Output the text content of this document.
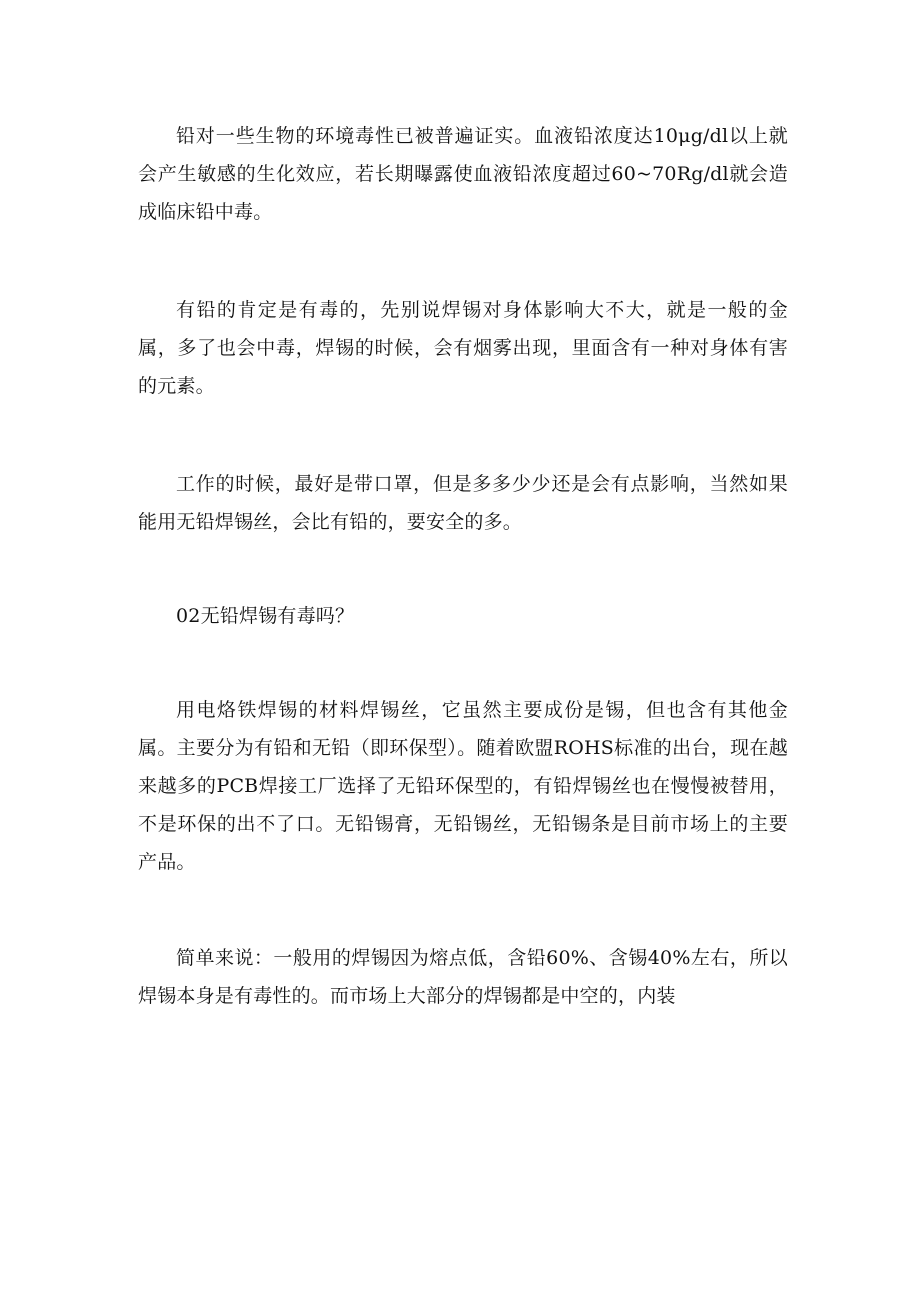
铅对一些生物的环境毒性已被普遍证实。血液铅浓度达10μg/dl以上就会产生敏感的生化效应，若长期曝露使血液铅浓度超过60~70Rg/dl就会造成临床铅中毒。

有铅的肯定是有毒的，先别说焊锡对身体影响大不大，就是一般的金属，多了也会中毒，焊锡的时候，会有烟雾出现，里面含有一种对身体有害的元素。

工作的时候，最好是带口罩，但是多多少少还是会有点影响，当然如果能用无铅焊锡丝，会比有铅的，要安全的多。

02无铅焊锡有毒吗？

用电烙铁焊锡的材料焊锡丝，它虽然主要成份是锡，但也含有其他金属。主要分为有铅和无铅（即环保型）。随着欧盟ROHS标准的出台，现在越来越多的PCB焊接工厂选择了无铅环保型的，有铅焊锡丝也在慢慢被替用，不是环保的出不了口。无铅锡膏，无铅锡丝，无铅锡条是目前市场上的主要产品。

简单来说：一般用的焊锡因为熔点低，含铅60%、含锡40%左右，所以焊锡本身是有毒性的。而市场上大部分的焊锡都是中空的，内装
